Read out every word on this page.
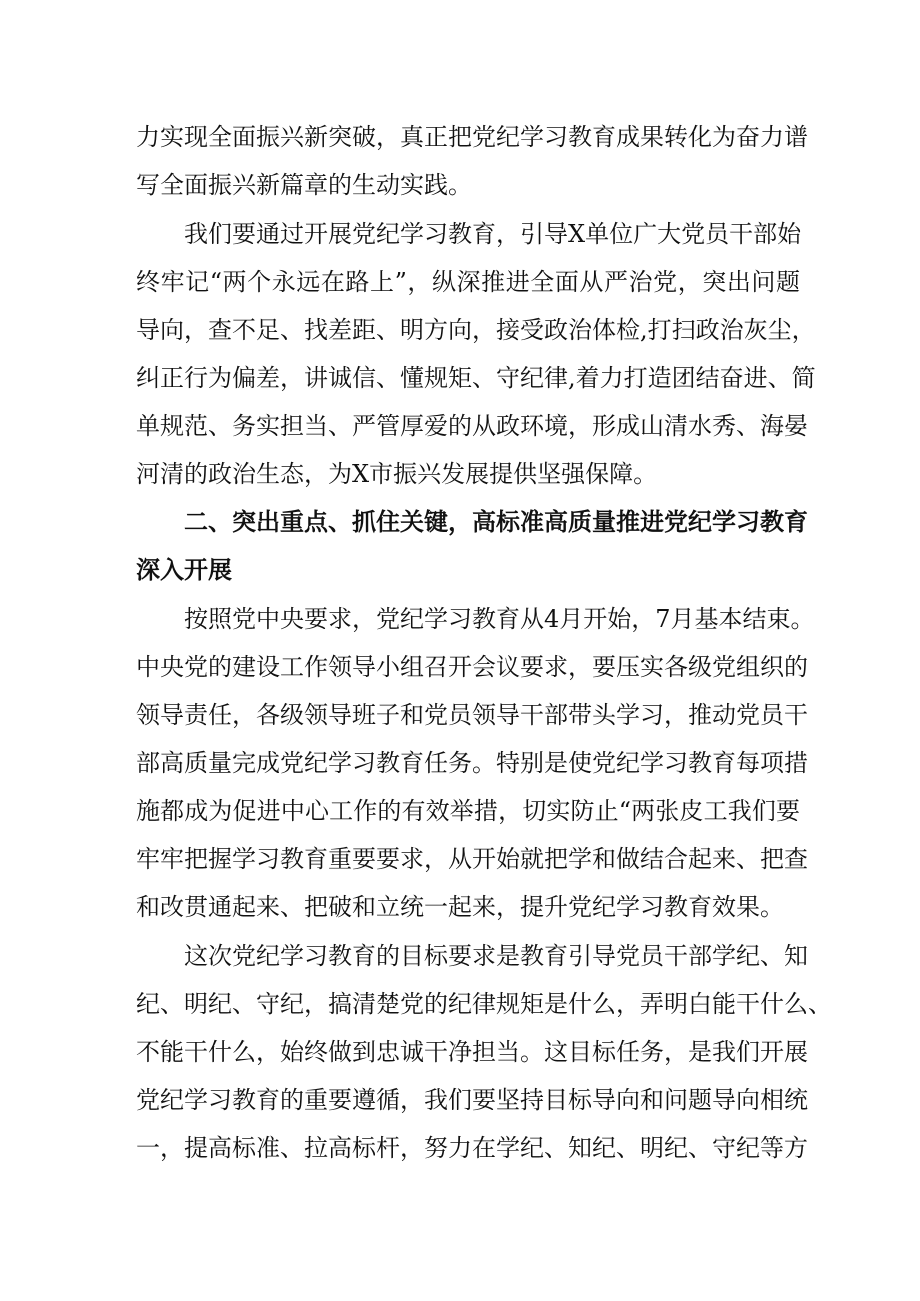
力实现全面振兴新突破，真正把党纪学习教育成果转化为奋力谱
写全面振兴新篇章的生动实践。
　　我们要通过开展党纪学习教育，引导X单位广大党员干部始
终牢记“两个永远在路上”，纵深推进全面从严治党，突出问题
导向，查不足、找差距、明方向，接受政治体检,打扫政治灰尘，
纠正行为偏差，讲诚信、懂规矩、守纪律,着力打造团结奋进、简
单规范、务实担当、严管厚爱的从政环境，形成山清水秀、海晏
河清的政治生态，为X市振兴发展提供坚强保障。
　　二、突出重点、抓住关键，高标准高质量推进党纪学习教育
深入开展
　　按照党中央要求，党纪学习教育从4月开始，7月基本结束。
中央党的建设工作领导小组召开会议要求，要压实各级党组织的
领导责任，各级领导班子和党员领导干部带头学习，推动党员干
部高质量完成党纪学习教育任务。特别是使党纪学习教育每项措
施都成为促进中心工作的有效举措，切实防止“两张皮工我们要
牢牢把握学习教育重要要求，从开始就把学和做结合起来、把查
和改贯通起来、把破和立统一起来，提升党纪学习教育效果。
　　这次党纪学习教育的目标要求是教育引导党员干部学纪、知
纪、明纪、守纪，搞清楚党的纪律规矩是什么，弄明白能干什么、
不能干什么，始终做到忠诚干净担当。这目标任务，是我们开展
党纪学习教育的重要遵循，我们要坚持目标导向和问题导向相统
一，提高标准、拉高标杆，努力在学纪、知纪、明纪、守纪等方
